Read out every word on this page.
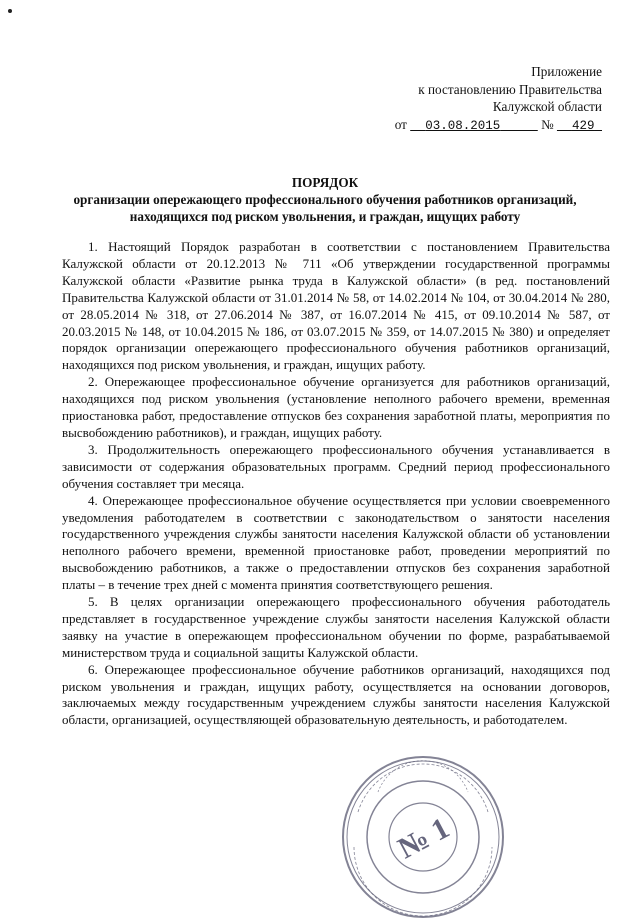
Приложение
к постановлению Правительства
Калужской области
от 03.08.2015	№ 429
ПОРЯДОК
организации опережающего профессионального обучения работников организаций, находящихся под риском увольнения, и граждан, ищущих работу

1. Настоящий Порядок разработан в соответствии с постановлением Правительства Калужской области от 20.12.2013 № 711 «Об утверждении государственной программы Калужской области «Развитие рынка труда в Калужской области» (в ред. постановлений Правительства Калужской области от 31.01.2014 № 58, от 14.02.2014 № 104, от 30.04.2014 № 280, от 28.05.2014 № 318, от 27.06.2014 № 387, от 16.07.2014 № 415, от 09.10.2014 № 587, от 20.03.2015 № 148, от 10.04.2015 № 186, от 03.07.2015 № 359, от 14.07.2015 № 380) и определяет порядок организации опережающего профессионального обучения работников организаций, находящихся под риском увольнения, и граждан, ищущих работу.

2. Опережающее профессиональное обучение организуется для работников организаций, находящихся под риском увольнения (установление неполного рабочего времени, временная приостановка работ, предоставление отпусков без сохранения заработной платы, мероприятия по высвобождению работников), и граждан, ищущих работу.

3. Продолжительность опережающего профессионального обучения устанавливается в зависимости от содержания образовательных программ. Средний период профессионального обучения составляет три месяца.

4. Опережающее профессиональное обучение осуществляется при условии своевременного уведомления работодателем в соответствии с законодательством о занятости населения государственного учреждения службы занятости населения Калужской области об установлении неполного рабочего времени, временной приостановке работ, проведении мероприятий по высвобождению работников, а также о предоставлении отпусков без сохранения заработной платы – в течение трех дней с момента принятия соответствующего решения.

5. В целях организации опережающего профессионального обучения работодатель представляет в государственное учреждение службы занятости населения Калужской области заявку на участие в опережающем профессиональном обучении по форме, разрабатываемой министерством труда и социальной защиты Калужской области.

6. Опережающее профессиональное обучение работников организаций, находящихся под риском увольнения и граждан, ищущих работу, осуществляется на основании договоров, заключаемых между государственным учреждением службы занятости населения Калужской области, организацией, осуществляющей образовательную деятельность, и работодателем.

№ 1
